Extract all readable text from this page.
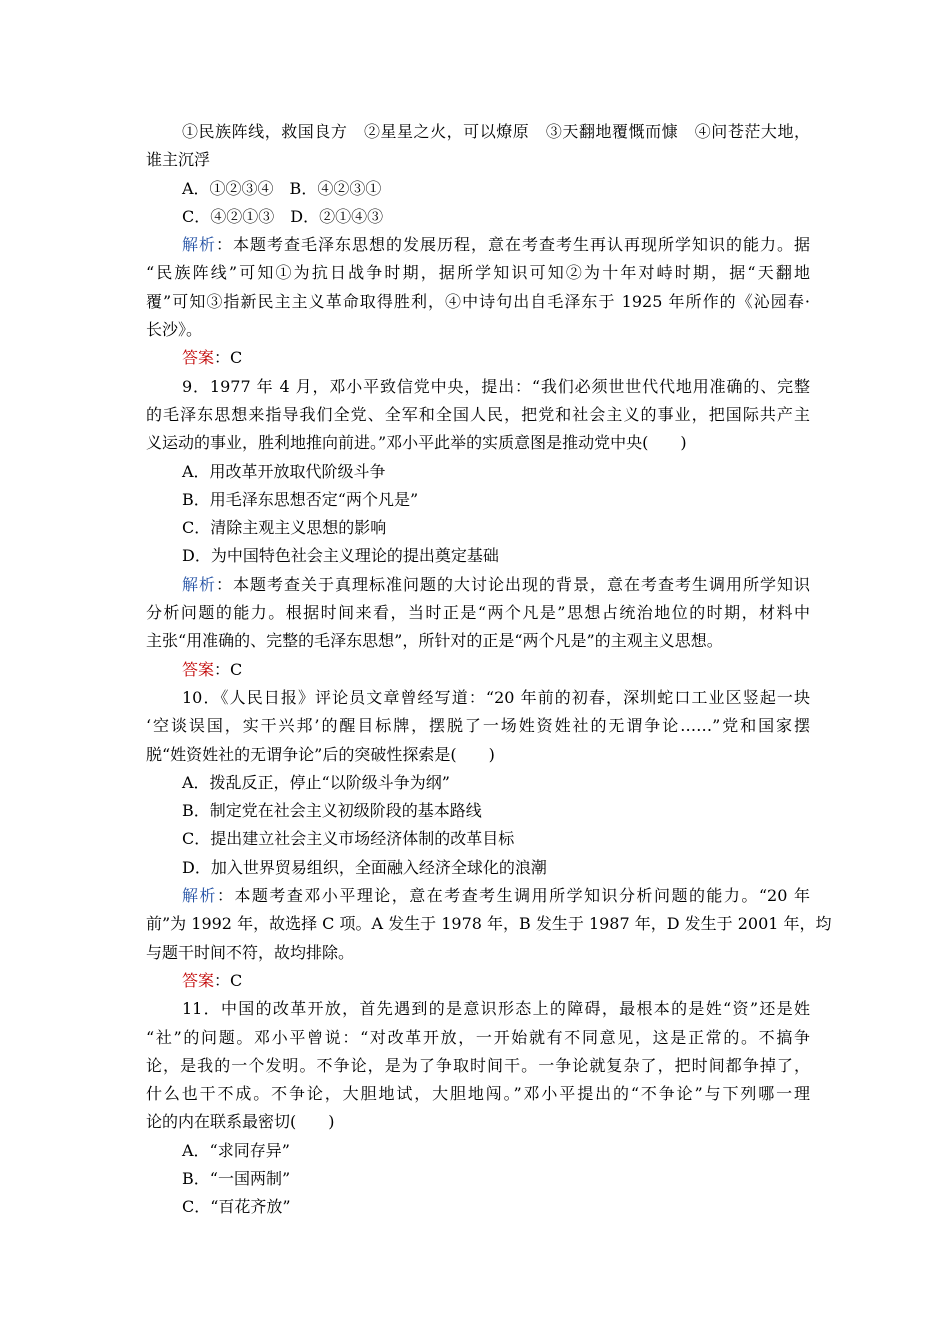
①民族阵线，救国良方　②星星之火，可以燎原　③天翻地覆慨而慷　④问苍茫大地，
谁主沉浮
A．①②③④　B．④②③①
C．④②①③　D．②①④③
解析：本题考查毛泽东思想的发展历程，意在考查考生再认再现所学知识的能力。据
“民族阵线”可知①为抗日战争时期，据所学知识可知②为十年对峙时期，据“天翻地
覆”可知③指新民主主义革命取得胜利，④中诗句出自毛泽东于 1925 年所作的《沁园春·
长沙》。
答案：C
9．1977 年 4 月，邓小平致信党中央，提出：“我们必须世世代代地用准确的、完整
的毛泽东思想来指导我们全党、全军和全国人民，把党和社会主义的事业，把国际共产主
义运动的事业，胜利地推向前进。”邓小平此举的实质意图是推动党中央(　　)
A．用改革开放取代阶级斗争
B．用毛泽东思想否定“两个凡是”
C．清除主观主义思想的影响
D．为中国特色社会主义理论的提出奠定基础
解析：本题考查关于真理标准问题的大讨论出现的背景，意在考查考生调用所学知识
分析问题的能力。根据时间来看，当时正是“两个凡是”思想占统治地位的时期，材料中
主张“用准确的、完整的毛泽东思想”，所针对的正是“两个凡是”的主观主义思想。
答案：C
10．《人民日报》评论员文章曾经写道：“20 年前的初春，深圳蛇口工业区竖起一块
‘空谈误国，实干兴邦’的醒目标牌，摆脱了一场姓资姓社的无谓争论……”党和国家摆
脱“姓资姓社的无谓争论”后的突破性探索是(　　)
A．拨乱反正，停止“以阶级斗争为纲”
B．制定党在社会主义初级阶段的基本路线
C．提出建立社会主义市场经济体制的改革目标
D．加入世界贸易组织，全面融入经济全球化的浪潮
解析：本题考查邓小平理论，意在考查考生调用所学知识分析问题的能力。“20 年
前”为 1992 年，故选择 C 项。A 发生于 1978 年，B 发生于 1987 年，D 发生于 2001 年，均
与题干时间不符，故均排除。
答案：C
11．中国的改革开放，首先遇到的是意识形态上的障碍，最根本的是姓“资”还是姓
“社”的问题。邓小平曾说：“对改革开放，一开始就有不同意见，这是正常的。不搞争
论，是我的一个发明。不争论，是为了争取时间干。一争论就复杂了，把时间都争掉了，
什么也干不成。不争论，大胆地试，大胆地闯。”邓小平提出的“不争论”与下列哪一理
论的内在联系最密切(　　)
A．“求同存异”
B．“一国两制”
C．“百花齐放”
